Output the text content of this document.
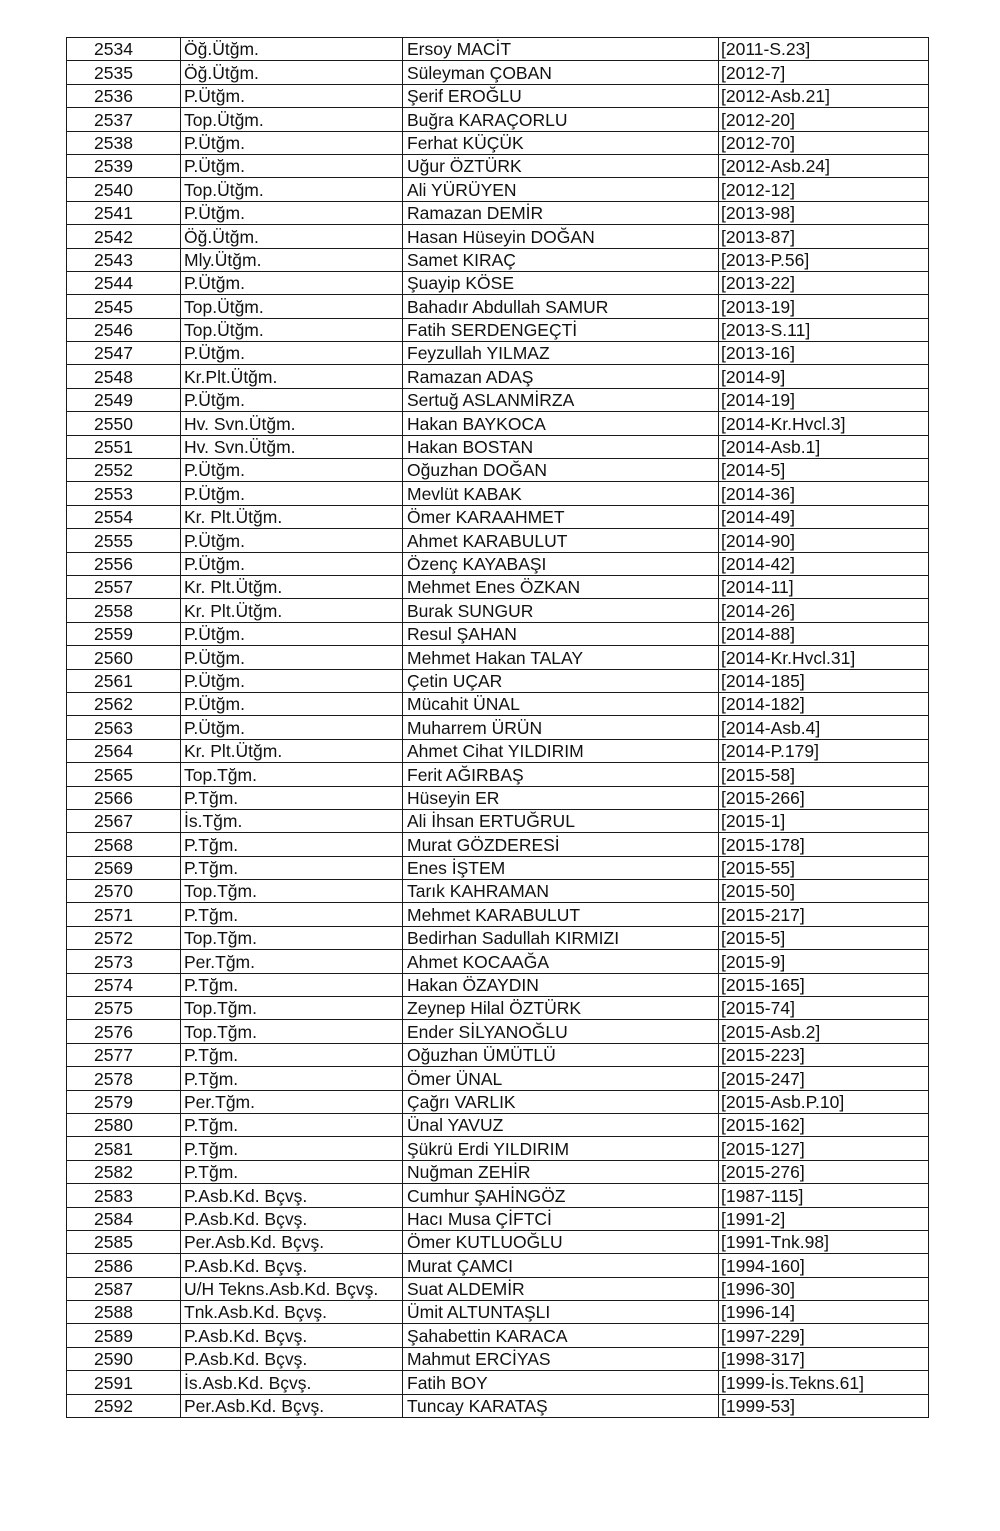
2534	Öğ.Ütğm.	Ersoy MACİT	[2011-S.23]
2535	Öğ.Ütğm.	Süleyman ÇOBAN	[2012-7]
2536	P.Ütğm.	Şerif EROĞLU	[2012-Asb.21]
2537	Top.Ütğm.	Buğra KARAÇORLU	[2012-20]
2538	P.Ütğm.	Ferhat KÜÇÜK	[2012-70]
2539	P.Ütğm.	Uğur ÖZTÜRK	[2012-Asb.24]
2540	Top.Ütğm.	Ali YÜRÜYEN	[2012-12]
2541	P.Ütğm.	Ramazan DEMİR	[2013-98]
2542	Öğ.Ütğm.	Hasan Hüseyin DOĞAN	[2013-87]
2543	Mly.Ütğm.	Samet KIRAÇ	[2013-P.56]
2544	P.Ütğm.	Şuayip KÖSE	[2013-22]
2545	Top.Ütğm.	Bahadır Abdullah SAMUR	[2013-19]
2546	Top.Ütğm.	Fatih SERDENGEÇTİ	[2013-S.11]
2547	P.Ütğm.	Feyzullah YILMAZ	[2013-16]
2548	Kr.Plt.Ütğm.	Ramazan ADAŞ	[2014-9]
2549	P.Ütğm.	Sertuğ ASLANMİRZA	[2014-19]
2550	Hv. Svn.Ütğm.	Hakan BAYKOCA	[2014-Kr.Hvcl.3]
2551	Hv. Svn.Ütğm.	Hakan BOSTAN	[2014-Asb.1]
2552	P.Ütğm.	Oğuzhan DOĞAN	[2014-5]
2553	P.Ütğm.	Mevlüt KABAK	[2014-36]
2554	Kr. Plt.Ütğm.	Ömer KARAAHMET	[2014-49]
2555	P.Ütğm.	Ahmet KARABULUT	[2014-90]
2556	P.Ütğm.	Özenç KAYABAŞI	[2014-42]
2557	Kr. Plt.Ütğm.	Mehmet Enes ÖZKAN	[2014-11]
2558	Kr. Plt.Ütğm.	Burak SUNGUR	[2014-26]
2559	P.Ütğm.	Resul ŞAHAN	[2014-88]
2560	P.Ütğm.	Mehmet Hakan TALAY	[2014-Kr.Hvcl.31]
2561	P.Ütğm.	Çetin UÇAR	[2014-185]
2562	P.Ütğm.	Mücahit ÜNAL	[2014-182]
2563	P.Ütğm.	Muharrem ÜRÜN	[2014-Asb.4]
2564	Kr. Plt.Ütğm.	Ahmet Cihat YILDIRIM	[2014-P.179]
2565	Top.Tğm.	Ferit AĞIRBAŞ	[2015-58]
2566	P.Tğm.	Hüseyin ER	[2015-266]
2567	İs.Tğm.	Ali İhsan ERTUĞRUL	[2015-1]
2568	P.Tğm.	Murat GÖZDERESİ	[2015-178]
2569	P.Tğm.	Enes İŞTEM	[2015-55]
2570	Top.Tğm.	Tarık KAHRAMAN	[2015-50]
2571	P.Tğm.	Mehmet KARABULUT	[2015-217]
2572	Top.Tğm.	Bedirhan Sadullah KIRMIZI	[2015-5]
2573	Per.Tğm.	Ahmet KOCAAĞA	[2015-9]
2574	P.Tğm.	Hakan ÖZAYDIN	[2015-165]
2575	Top.Tğm.	Zeynep Hilal ÖZTÜRK	[2015-74]
2576	Top.Tğm.	Ender SİLYANOĞLU	[2015-Asb.2]
2577	P.Tğm.	Oğuzhan ÜMÜTLÜ	[2015-223]
2578	P.Tğm.	Ömer ÜNAL	[2015-247]
2579	Per.Tğm.	Çağrı VARLIK	[2015-Asb.P.10]
2580	P.Tğm.	Ünal YAVUZ	[2015-162]
2581	P.Tğm.	Şükrü Erdi YILDIRIM	[2015-127]
2582	P.Tğm.	Nuğman ZEHİR	[2015-276]
2583	P.Asb.Kd. Bçvş.	Cumhur ŞAHİNGÖZ	[1987-115]
2584	P.Asb.Kd. Bçvş.	Hacı Musa ÇİFTCİ	[1991-2]
2585	Per.Asb.Kd. Bçvş.	Ömer KUTLUOĞLU	[1991-Tnk.98]
2586	P.Asb.Kd. Bçvş.	Murat ÇAMCI	[1994-160]
2587	U/H Tekns.Asb.Kd. Bçvş.	Suat ALDEMİR	[1996-30]
2588	Tnk.Asb.Kd. Bçvş.	Ümit ALTUNTAŞLI	[1996-14]
2589	P.Asb.Kd. Bçvş.	Şahabettin KARACA	[1997-229]
2590	P.Asb.Kd. Bçvş.	Mahmut ERCİYAS	[1998-317]
2591	İs.Asb.Kd. Bçvş.	Fatih BOY	[1999-İs.Tekns.61]
2592	Per.Asb.Kd. Bçvş.	Tuncay KARATAŞ	[1999-53]
